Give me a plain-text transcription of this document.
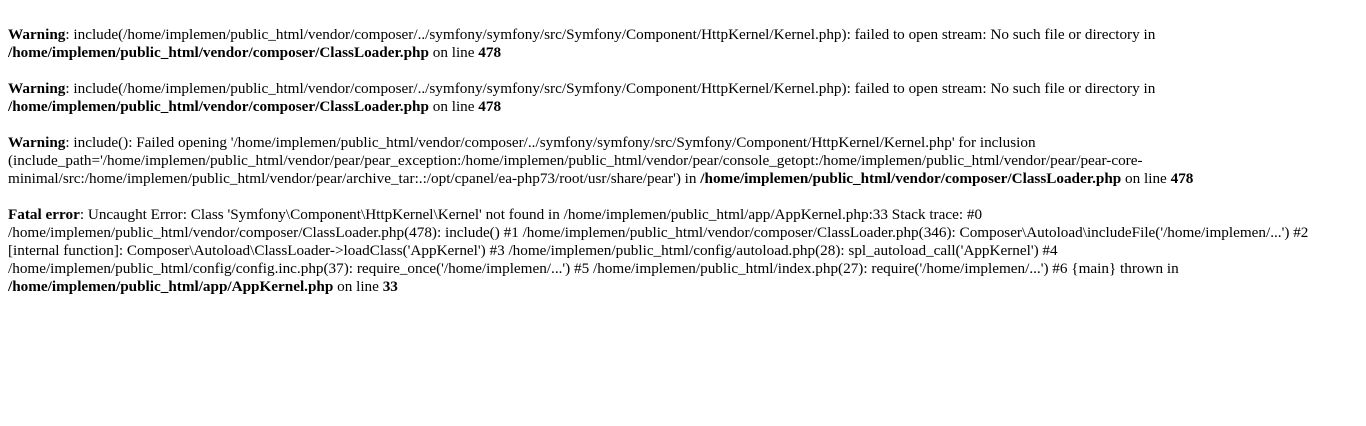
Warning: include(/home/implemen/public_html/vendor/composer/../symfony/symfony/src/Symfony/Component/HttpKernel/Kernel.php): failed to open stream: No such file or directory in /home/implemen/public_html/vendor/composer/ClassLoader.php on line 478

Warning: include(/home/implemen/public_html/vendor/composer/../symfony/symfony/src/Symfony/Component/HttpKernel/Kernel.php): failed to open stream: No such file or directory in /home/implemen/public_html/vendor/composer/ClassLoader.php on line 478

Warning: include(): Failed opening '/home/implemen/public_html/vendor/composer/../symfony/symfony/src/Symfony/Component/HttpKernel/Kernel.php' for inclusion (include_path='/home/implemen/public_html/vendor/pear/pear_exception:/home/implemen/public_html/vendor/pear/console_getopt:/home/implemen/public_html/vendor/pear/pear-core-minimal/src:/home/implemen/public_html/vendor/pear/archive_tar:.:/opt/cpanel/ea-php73/root/usr/share/pear') in /home/implemen/public_html/vendor/composer/ClassLoader.php on line 478

Fatal error: Uncaught Error: Class 'Symfony\Component\HttpKernel\Kernel' not found in /home/implemen/public_html/app/AppKernel.php:33 Stack trace: #0 /home/implemen/public_html/vendor/composer/ClassLoader.php(478): include() #1 /home/implemen/public_html/vendor/composer/ClassLoader.php(346): Composer\Autoload\includeFile('/home/implemen/...') #2 [internal function]: Composer\Autoload\ClassLoader->loadClass('AppKernel') #3 /home/implemen/public_html/config/autoload.php(28): spl_autoload_call('AppKernel') #4 /home/implemen/public_html/config/config.inc.php(37): require_once('/home/implemen/...') #5 /home/implemen/public_html/index.php(27): require('/home/implemen/...') #6 {main} thrown in /home/implemen/public_html/app/AppKernel.php on line 33
